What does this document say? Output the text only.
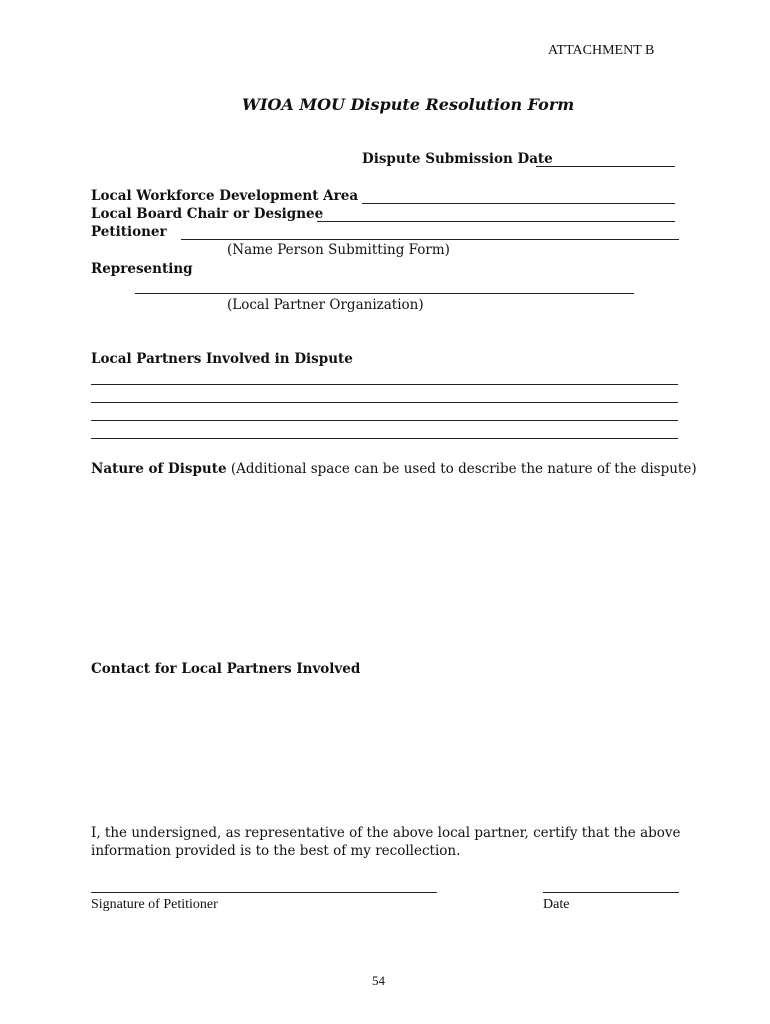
ATTACHMENT B
WIOA MOU Dispute Resolution Form
Dispute Submission Date
Local Workforce Development Area
Local Board Chair or Designee
Petitioner
(Name Person Submitting Form)
Representing
(Local Partner Organization)
Local Partners Involved in Dispute
Nature of Dispute (Additional space can be used to describe the nature of the dispute)
Contact for Local Partners Involved
I, the undersigned, as representative of the above local partner, certify that the above
information provided is to the best of my recollection.
Signature of Petitioner	Date
54
